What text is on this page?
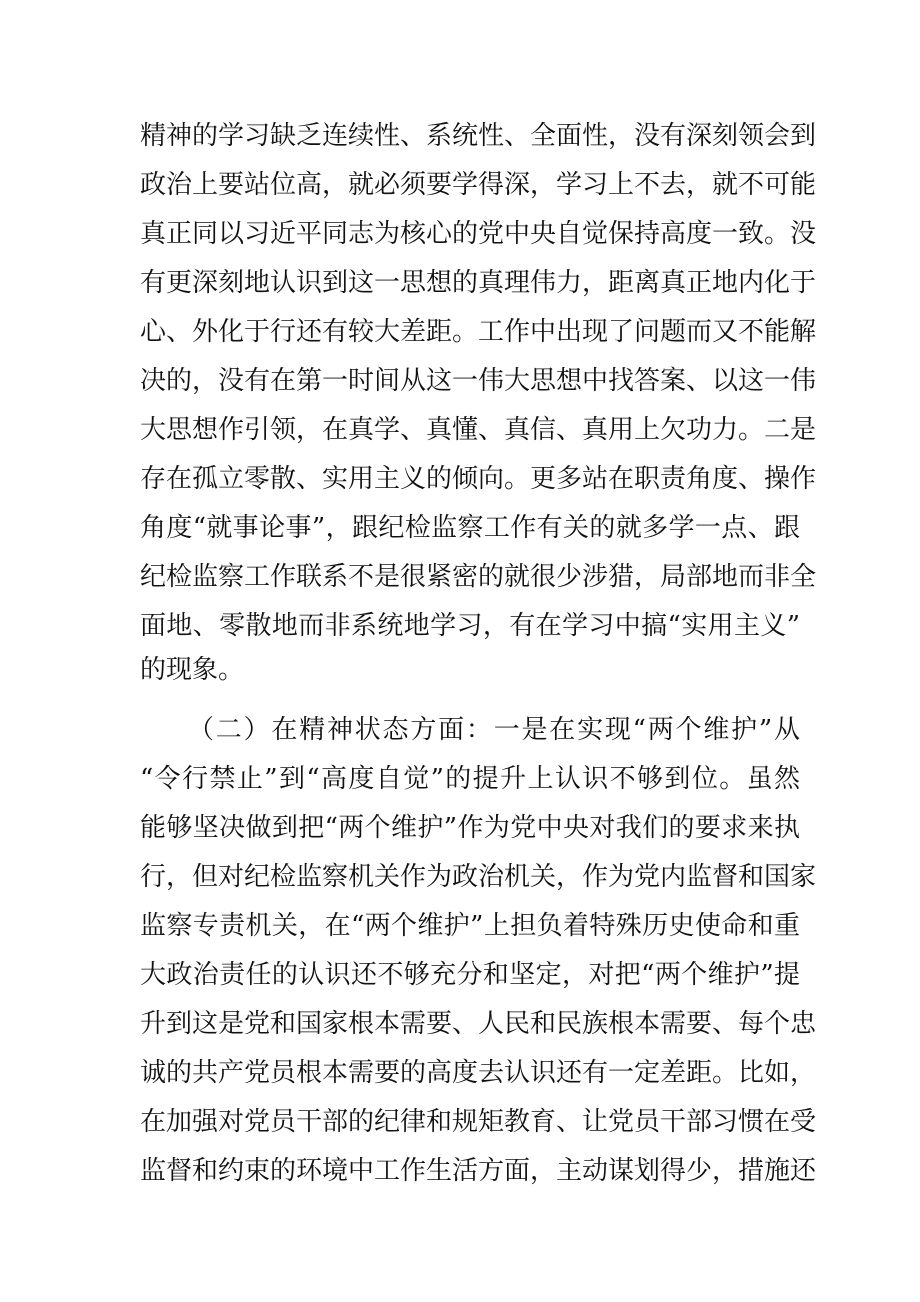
精神的学习缺乏连续性、系统性、全面性，没有深刻领会到
政治上要站位高，就必须要学得深，学习上不去，就不可能
真正同以习近平同志为核心的党中央自觉保持高度一致。没
有更深刻地认识到这一思想的真理伟力，距离真正地内化于
心、外化于行还有较大差距。工作中出现了问题而又不能解
决的，没有在第一时间从这一伟大思想中找答案、以这一伟
大思想作引领，在真学、真懂、真信、真用上欠功力。二是
存在孤立零散、实用主义的倾向。更多站在职责角度、操作
角度“就事论事”，跟纪检监察工作有关的就多学一点、跟
纪检监察工作联系不是很紧密的就很少涉猎，局部地而非全
面地、零散地而非系统地学习，有在学习中搞“实用主义”
的现象。
（二）在精神状态方面：一是在实现“两个维护”从
“令行禁止”到“高度自觉”的提升上认识不够到位。虽然
能够坚决做到把“两个维护”作为党中央对我们的要求来执
行，但对纪检监察机关作为政治机关，作为党内监督和国家
监察专责机关，在“两个维护”上担负着特殊历史使命和重
大政治责任的认识还不够充分和坚定，对把“两个维护”提
升到这是党和国家根本需要、人民和民族根本需要、每个忠
诚的共产党员根本需要的高度去认识还有一定差距。比如，
在加强对党员干部的纪律和规矩教育、让党员干部习惯在受
监督和约束的环境中工作生活方面，主动谋划得少，措施还
